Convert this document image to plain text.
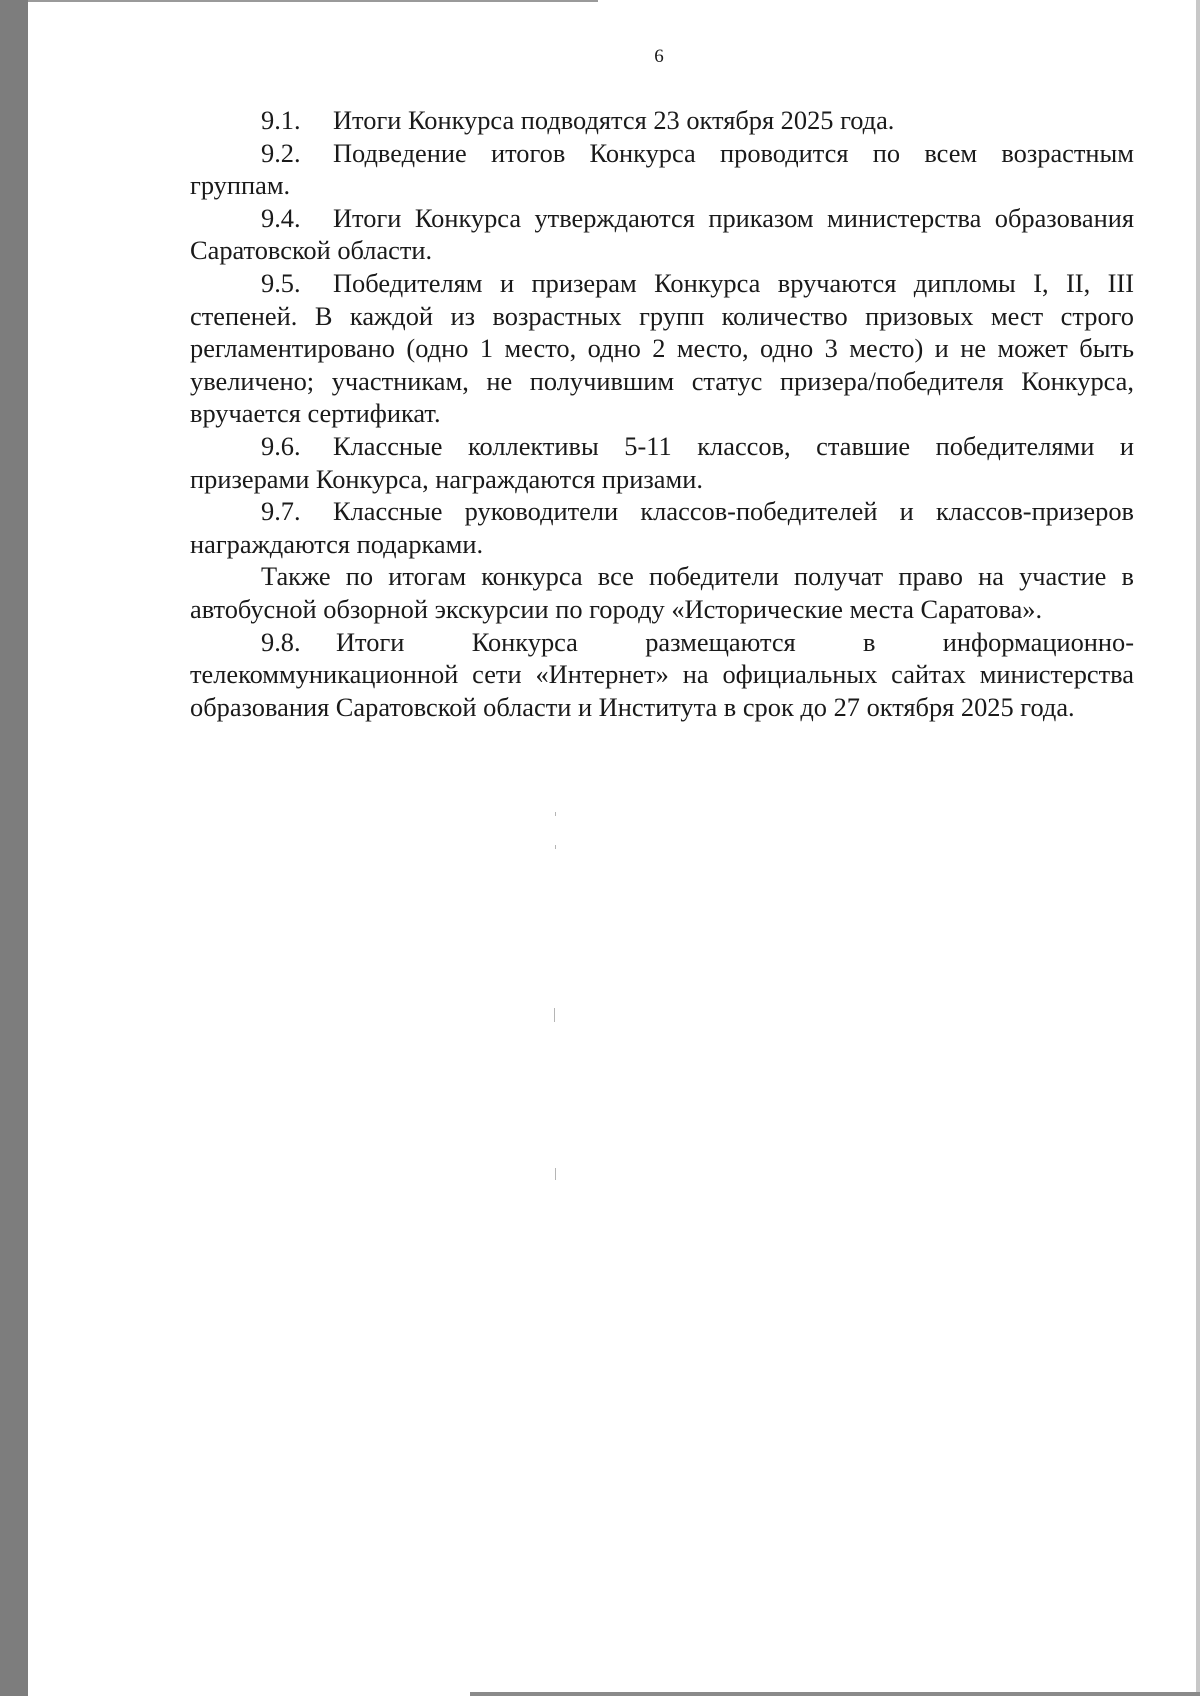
6

9.1. Итоги Конкурса подводятся 23 октября 2025 года.

9.2. Подведение итогов Конкурса проводится по всем возрастным группам.

9.4. Итоги Конкурса утверждаются приказом министерства образования Саратовской области.

9.5. Победителям и призерам Конкурса вручаются дипломы I, II, III степеней. В каждой из возрастных групп количество призовых мест строго регламентировано (одно 1 место, одно 2 место, одно 3 место) и не может быть увеличено; участникам, не получившим статус призера/победителя Конкурса, вручается сертификат.

9.6. Классные коллективы 5-11 классов, ставшие победителями и призерами Конкурса, награждаются призами.

9.7. Классные руководители классов-победителей и классов-призеров награждаются подарками.

Также по итогам конкурса все победители получат право на участие в автобусной обзорной экскурсии по городу «Исторические места Саратова».

9.8. Итоги Конкурса размещаются в информационно-телекоммуникационной сети «Интернет» на официальных сайтах министерства образования Саратовской области и Института в срок до 27 октября 2025 года.
